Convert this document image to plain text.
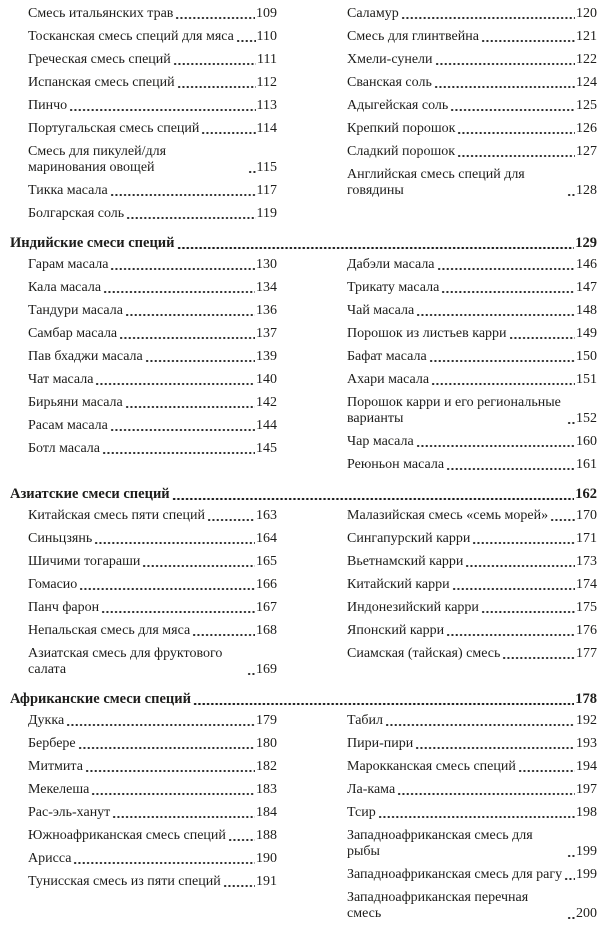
Смесь итальянских трав	109
Тосканская смесь специй для мяса 110
Греческая смесь специй	111
Испанская смесь специй	112
Пинчо	113
Португальская смесь специй	114
Смесь для пикулей/для маринования овощей	115
Тикка масала	117
Болгарская соль	119
Саламур	120
Смесь для глинтвейна	121
Хмели-сунели	122
Сванская соль	124
Адыгейская соль	125
Крепкий порошок	126
Сладкий порошок	127
Английская смесь специй для говядины	128
Индийские смеси специй	129
Гарам масала	130
Кала масала	134
Тандури масала	136
Самбар масала	137
Пав бхаджи масала	139
Чат масала	140
Бирьяни масала	142
Расам масала	144
Ботл масала	145
Дабэли масала	146
Трикату масала	147
Чай масала	148
Порошок из листьев карри	149
Бафат масала	150
Ахари масала	151
Порошок карри и его региональные варианты	152
Чар масала	160
Реюньон масала	161
Азиатские смеси специй	162
Китайская смесь пяти специй	163
Синьцзянь	164
Шичими тогараши	165
Гомасио	166
Панч фарон	167
Непальская смесь для мяса	168
Азиатская смесь для фруктового салата	169
Малазийская смесь «семь морей» 170
Сингапурский карри	171
Вьетнамский карри	173
Китайский карри	174
Индонезийский карри	175
Японский карри	176
Сиамская (тайская) смесь	177
Африканские смеси специй	178
Дукка	179
Бербере	180
Митмита	182
Мекелеша	183
Рас-эль-ханут	184
Южноафриканская смесь специй 188
Арисса	190
Тунисская смесь из пяти специй	191
Табил	192
Пири-пири	193
Марокканская смесь специй	194
Ла-кама	197
Тсир	198
Западноафриканская смесь для рыбы	199
Западноафриканская смесь для рагу 199
Западноафриканская перечная смесь	200
